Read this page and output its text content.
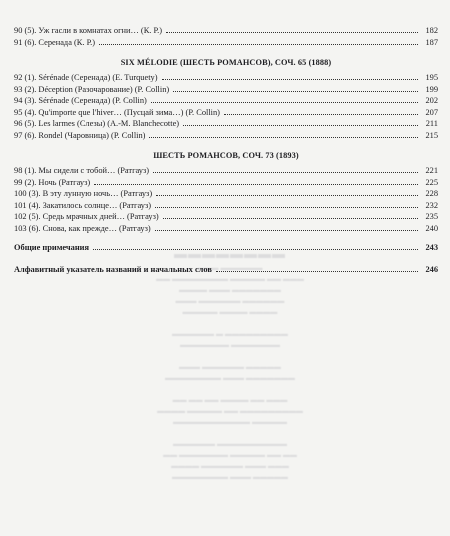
▬▬▬▬▬▬▬▬
▬▬▬ ▬▬▬▬▬▬
▬▬ ▬▬▬▬▬▬▬▬ ▬▬▬▬▬ ▬▬ ▬▬▬
▬▬▬▬ ▬▬▬ ▬▬▬▬▬▬▬
▬▬▬ ▬▬▬▬▬▬ ▬▬▬▬▬▬
▬▬▬▬▬ ▬▬▬▬ ▬▬▬▬

▬▬▬▬▬▬ ▬ ▬▬▬▬▬▬▬▬▬
▬▬▬▬▬▬▬ ▬▬▬▬▬▬▬

▬▬▬ ▬▬▬▬▬▬ ▬▬▬▬▬
▬▬▬▬▬▬▬▬ ▬▬▬ ▬▬▬▬▬▬▬

▬▬ ▬▬ ▬▬ ▬▬▬▬ ▬▬ ▬▬▬
▬▬▬▬ ▬▬▬▬▬ ▬▬ ▬▬▬▬▬▬▬▬▬
▬▬▬▬▬▬▬▬▬▬▬ ▬▬▬▬▬

▬▬▬▬▬▬ ▬▬▬▬▬▬▬▬▬▬
▬▬ ▬▬▬▬▬▬▬ ▬▬▬▬▬ ▬▬ ▬▬
▬▬▬▬ ▬▬▬▬▬▬ ▬▬▬ ▬▬▬
▬▬▬▬▬▬▬▬ ▬▬▬ ▬▬▬▬▬
90 (5). Уж гасли в комнатах огни… (К. Р.)	182
91 (6). Серенада (К. Р.)	187
SIX MÉLODIE (ШЕСТЬ РОМАНСОВ), СОЧ. 65 (1888)
92 (1). Sérénade (Серенада) (E. Turquety)	195
93 (2). Déception (Разочарование) (P. Collin)	199
94 (3). Sérénade (Серенада) (P. Collin)	202
95 (4). Qu'importe que l'hiver… (Пусцай зима…) (P. Collin)	207
96 (5). Les larmes (Слезы) (A.-M. Blanchecotte)	211
97 (6). Rondel (Чаровница) (P. Collin)	215
ШЕСТЬ РОМАНСОВ, СОЧ. 73 (1893)
98 (1). Мы сидели с тобой… (Ратгауз)	221
99 (2). Ночь (Ратгауз)	225
100 (3). В эту лунную ночь… (Ратгауз)	228
101 (4). Закатилось солнце… (Ратгауз)	232
102 (5). Средь мрачных дней… (Ратгауз)	235
103 (6). Снова, как прежде… (Ратгауз)	240
Общие примечания	243
Алфавитный указатель названий и начальных слов	246
